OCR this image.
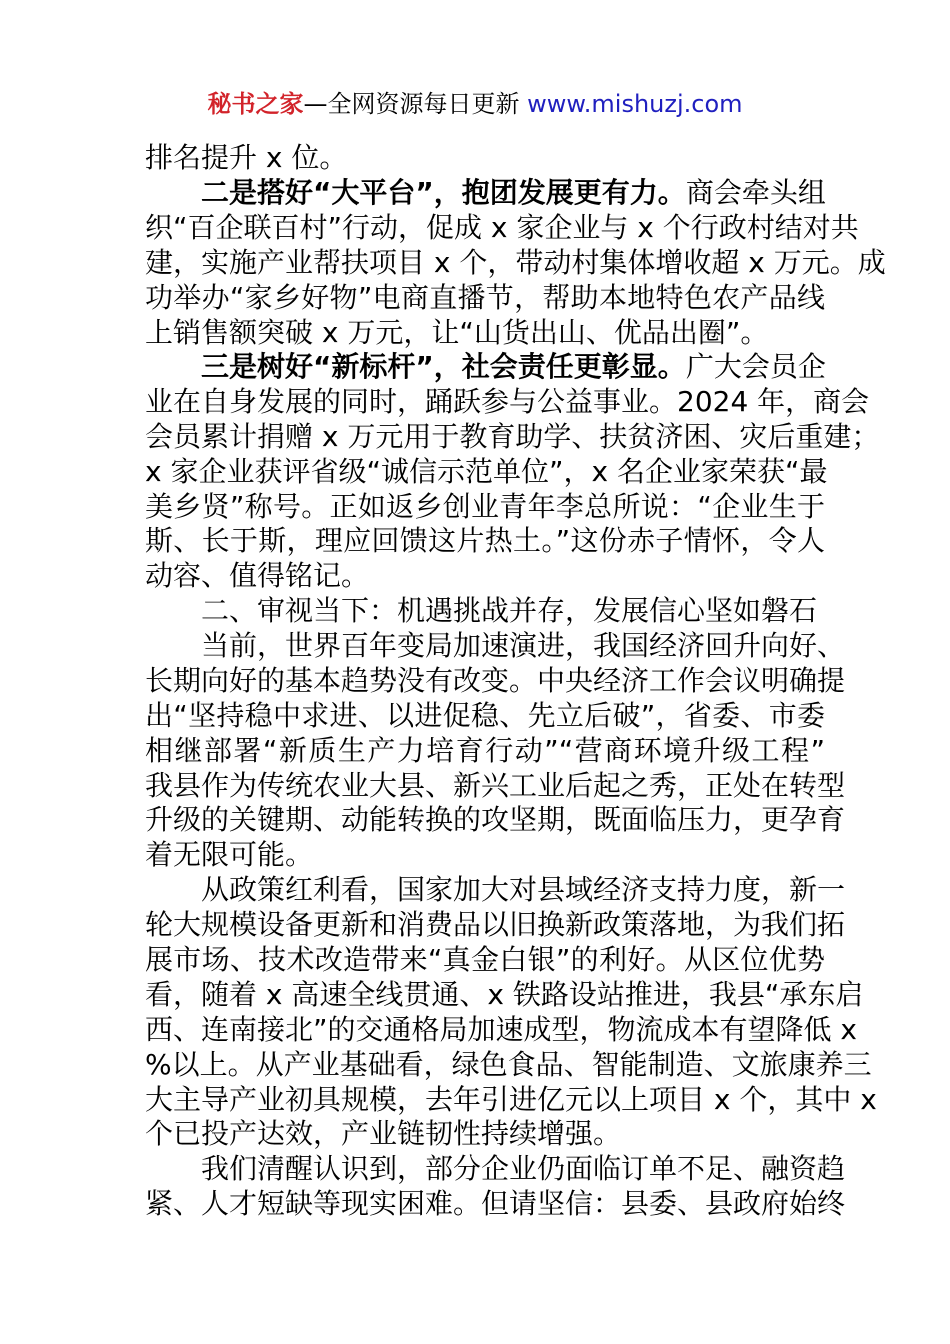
秘书之家—全网资源每日更新 www.mishuzj.com
排名提升 x 位。
二是搭好“大平台”，抱团发展更有力。商会牵头组
织“百企联百村”行动，促成 x 家企业与 x 个行政村结对共
建，实施产业帮扶项目 x 个，带动村集体增收超 x 万元。成
功举办“家乡好物”电商直播节，帮助本地特色农产品线
上销售额突破 x 万元，让“山货出山、优品出圈”。
三是树好“新标杆”，社会责任更彰显。广大会员企
业在自身发展的同时，踊跃参与公益事业。2024 年，商会
会员累计捐赠 x 万元用于教育助学、扶贫济困、灾后重建；
x 家企业获评省级“诚信示范单位”，x 名企业家荣获“最
美乡贤”称号。正如返乡创业青年李总所说：“企业生于
斯、长于斯，理应回馈这片热土。”这份赤子情怀，令人
动容、值得铭记。
二、审视当下：机遇挑战并存，发展信心坚如磐石
当前，世界百年变局加速演进，我国经济回升向好、
长期向好的基本趋势没有改变。中央经济工作会议明确提
出“坚持稳中求进、以进促稳、先立后破”，省委、市委
相继部署“新质生产力培育行动”“营商环境升级工程”
我县作为传统农业大县、新兴工业后起之秀，正处在转型
升级的关键期、动能转换的攻坚期，既面临压力，更孕育
着无限可能。
从政策红利看，国家加大对县域经济支持力度，新一
轮大规模设备更新和消费品以旧换新政策落地，为我们拓
展市场、技术改造带来“真金白银”的利好。从区位优势
看，随着 x 高速全线贯通、x 铁路设站推进，我县“承东启
西、连南接北”的交通格局加速成型，物流成本有望降低 x
%以上。从产业基础看，绿色食品、智能制造、文旅康养三
大主导产业初具规模，去年引进亿元以上项目 x 个，其中 x
个已投产达效，产业链韧性持续增强。
我们清醒认识到，部分企业仍面临订单不足、融资趋
紧、人才短缺等现实困难。但请坚信：县委、县政府始终
